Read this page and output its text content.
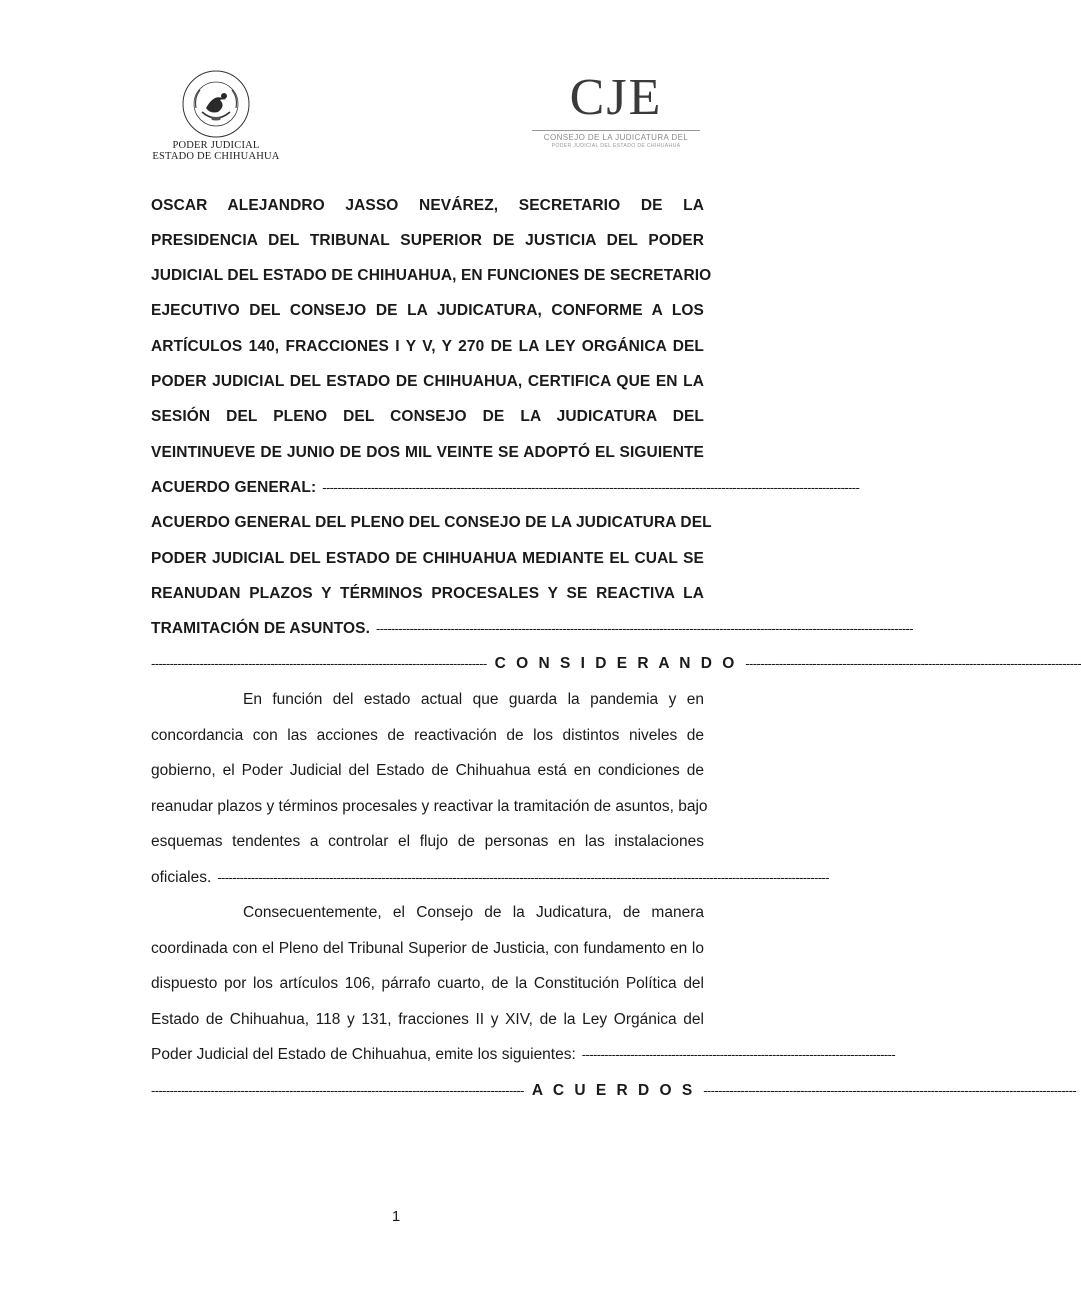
PODER JUDICIAL
ESTADO DE CHIHUAHUA
CJE
CONSEJO DE LA JUDICATURA DEL
PODER JUDICIAL DEL ESTADO DE CHIHUAHUA
OSCAR ALEJANDRO JASSO NEVÁREZ, SECRETARIO DE LA
PRESIDENCIA DEL TRIBUNAL SUPERIOR DE JUSTICIA DEL PODER
JUDICIAL DEL ESTADO DE CHIHUAHUA, EN FUNCIONES DE SECRETARIO
EJECUTIVO DEL CONSEJO DE LA JUDICATURA, CONFORME A LOS
ARTÍCULOS 140, FRACCIONES I Y V, Y 270 DE LA LEY ORGÁNICA DEL
PODER JUDICIAL DEL ESTADO DE CHIHUAHUA, CERTIFICA QUE EN LA
SESIÓN DEL PLENO DEL CONSEJO DE LA JUDICATURA DEL
VEINTINUEVE DE JUNIO DE DOS MIL VEINTE SE ADOPTÓ EL SIGUIENTE
ACUERDO GENERAL: ------------------------------------------------------------------------------------------------------------------------------------------------
ACUERDO GENERAL DEL PLENO DEL CONSEJO DE LA JUDICATURA DEL
PODER JUDICIAL DEL ESTADO DE CHIHUAHUA MEDIANTE EL CUAL SE
REANUDAN PLAZOS Y TÉRMINOS PROCESALES Y SE REACTIVA LA
TRAMITACIÓN DE ASUNTOS. ------------------------------------------------------------------------------------------------------------------------------------------------
------------------------------------------------------------------------------------------ C O N S I D E R A N D O ------------------------------------------------------------------------------------------
En función del estado actual que guarda la pandemia y en
concordancia con las acciones de reactivación de los distintos niveles de
gobierno, el Poder Judicial del Estado de Chihuahua está en condiciones de
reanudar plazos y términos procesales y reactivar la tramitación de asuntos, bajo
esquemas tendentes a controlar el flujo de personas en las instalaciones
oficiales. --------------------------------------------------------------------------------------------------------------------------------------------------------------------
Consecuentemente, el Consejo de la Judicatura, de manera
coordinada con el Pleno del Tribunal Superior de Justicia, con fundamento en lo
dispuesto por los artículos 106, párrafo cuarto, de la Constitución Política del
Estado de Chihuahua, 118 y 131, fracciones II y XIV, de la Ley Orgánica del
Poder Judicial del Estado de Chihuahua, emite los siguientes: ------------------------------------------------------------------------------------
---------------------------------------------------------------------------------------------------- A C U E R D O S ----------------------------------------------------------------------------------------------------
1
